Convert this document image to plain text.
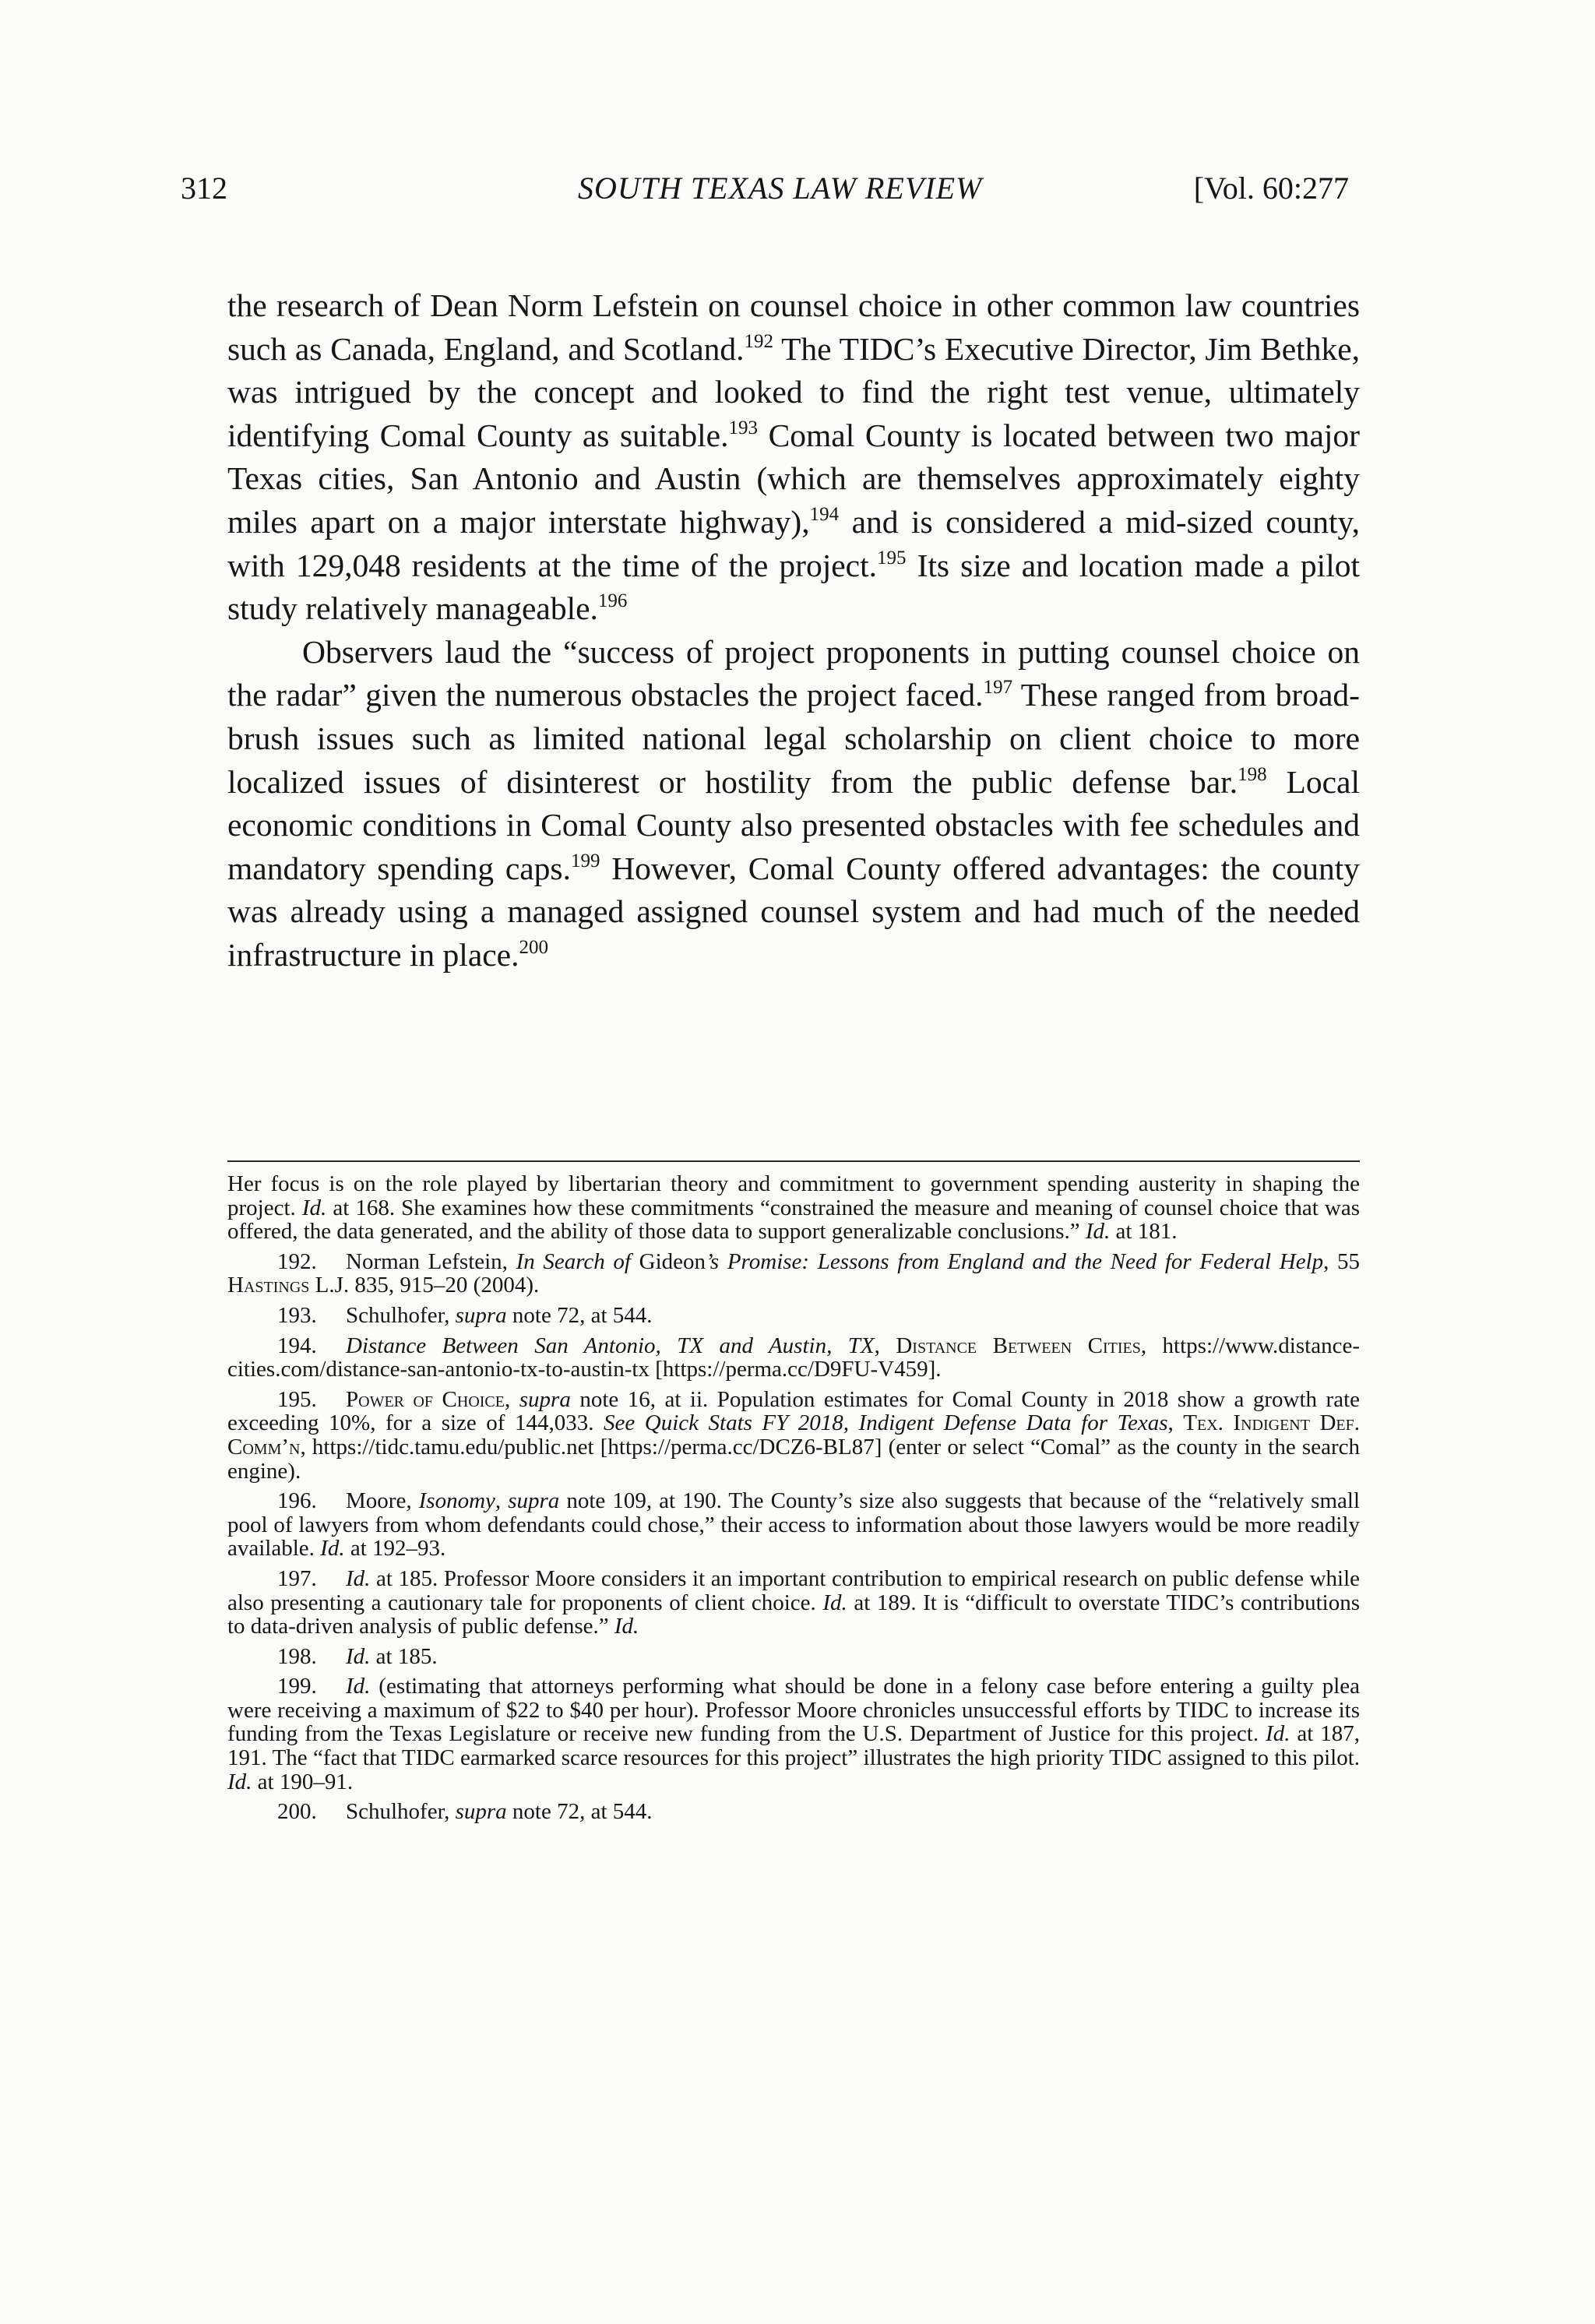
312	SOUTH TEXAS LAW REVIEW	[Vol. 60:277

the research of Dean Norm Lefstein on counsel choice in other common law countries such as Canada, England, and Scotland.$^{192}$ The TIDC’s Executive Director, Jim Bethke, was intrigued by the concept and looked to find the right test venue, ultimately identifying Comal County as suitable.$^{193}$ Comal County is located between two major Texas cities, San Antonio and Austin (which are themselves approximately eighty miles apart on a major interstate highway),$^{194}$ and is considered a mid-sized county, with 129,048 residents at the time of the project.$^{195}$ Its size and location made a pilot study relatively manageable.$^{196}$

Observers laud the “success of project proponents in putting counsel choice on the radar” given the numerous obstacles the project faced.$^{197}$ These ranged from broad-brush issues such as limited national legal scholarship on client choice to more localized issues of disinterest or hostility from the public defense bar.$^{198}$ Local economic conditions in Comal County also presented obstacles with fee schedules and mandatory spending caps.$^{199}$ However, Comal County offered advantages: the county was already using a managed assigned counsel system and had much of the needed infrastructure in place.$^{200}$

Her focus is on the role played by libertarian theory and commitment to government spending austerity in shaping the project. Id. at 168. She examines how these commitments “constrained the measure and meaning of counsel choice that was offered, the data generated, and the ability of those data to support generalizable conclusions.” Id. at 181.

192. Norman Lefstein, In Search of Gideon’s Promise: Lessons from England and the Need for Federal Help, 55 Hastings L.J. 835, 915–20 (2004).

193. Schulhofer, supra note 72, at 544.

194. Distance Between San Antonio, TX and Austin, TX, Distance Between Cities, https://www.distance-cities.com/distance-san-antonio-tx-to-austin-tx [https://perma.cc/D9FU-V459].

195. Power of Choice, supra note 16, at ii. Population estimates for Comal County in 2018 show a growth rate exceeding 10%, for a size of 144,033. See Quick Stats FY 2018, Indigent Defense Data for Texas, Tex. Indigent Def. Comm’n, https://tidc.tamu.edu/public.net [https://perma.cc/DCZ6-BL87] (enter or select “Comal” as the county in the search engine).

196. Moore, Isonomy, supra note 109, at 190. The County’s size also suggests that because of the “relatively small pool of lawyers from whom defendants could chose,” their access to information about those lawyers would be more readily available. Id. at 192–93.

197. Id. at 185. Professor Moore considers it an important contribution to empirical research on public defense while also presenting a cautionary tale for proponents of client choice. Id. at 189. It is “difficult to overstate TIDC’s contributions to data-driven analysis of public defense.” Id.

198. Id. at 185.

199. Id. (estimating that attorneys performing what should be done in a felony case before entering a guilty plea were receiving a maximum of $22 to $40 per hour). Professor Moore chronicles unsuccessful efforts by TIDC to increase its funding from the Texas Legislature or receive new funding from the U.S. Department of Justice for this project. Id. at 187, 191. The “fact that TIDC earmarked scarce resources for this project” illustrates the high priority TIDC assigned to this pilot. Id. at 190–91.

200. Schulhofer, supra note 72, at 544.
